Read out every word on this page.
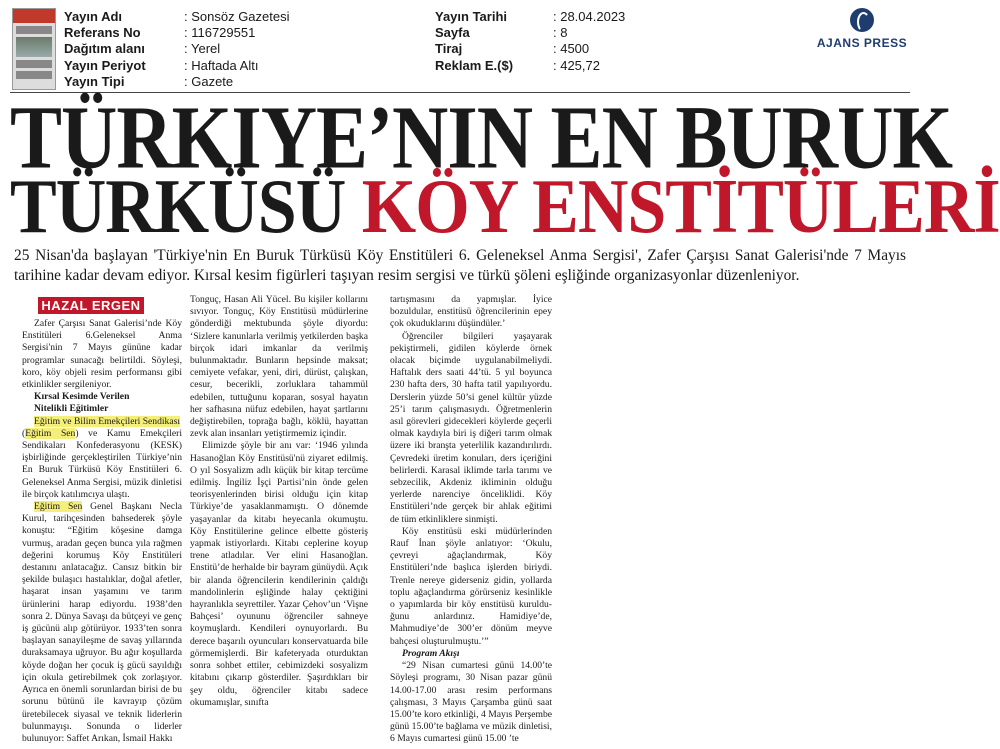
Yayın Adı	: Sonsöz Gazetesi
Referans No	: 116729551
Dağıtım alanı	: Yerel
Yayın Periyot	: Haftada Altı
Yayın Tipi	: Gazete
Yayın Tarihi	: 28.04.2023
Sayfa	: 8
Tiraj	: 4500
Reklam E.($)	: 425,72
AJANS PRESS
TÜRKIYE’NIN EN BURUK
TÜRKÜSÜ KÖY ENSTİTÜLERİ
25 Nisan'da başlayan 'Türkiye'nin En Buruk Türküsü Köy Enstitüleri 6. Geleneksel Anma Sergisi', Zafer Çarşısı Sanat Galerisi'nde 7 Mayıs tarihine kadar devam ediyor. Kırsal kesim figürleri taşıyan resim sergisi ve türkü şöleni eşliğinde organizasyonlar düzenleniyor.
HAZAL ERGEN

Zafer Çarşısı Sanat Galerisi’nde Köy Enstitüleri 6.Geleneksel Anma Sergisi'nin 7 Mayıs gününe kadar programlar sunacağı belirtildi. Söyleşi, koro, köy objeli resim performansı gibi etkinlikler sergileniyor.

Kırsal Kesimde Verilen

Nitelikli Eğitimler

Eğitim ve Bilim Emekçileri Sendikası

(Eğitim Sen) ve Kamu Emekçileri Sendikaları Konfederasyonu (KESK) işbirliğinde gerçekleştirilen Türkiye’nin En Buruk Türküsü Köy Enstitüleri 6. Geleneksel Anma Sergisi, müzik dinletisi ile birçok katılımcıya ulaştı.

Eğitim Sen Genel Başkanı Necla Kurul, tarihçesinden bahsederek şöyle konuştu: “Eğitim köşesine damga vurmuş, aradan geçen bunca yıla rağmen değerini korumuş Köy Enstitüleri destanını anlatacağız. Cansız bitkin bir şekilde bulaşıcı hastalıklar, doğal afetler, haşarat insan yaşamını ve tarım ürünlerini harap ediyordu. 1938’den sonra 2. Dünya Savaşı da bütçeyi ve genç iş gücünü alıp götürüyor. 1933’ten sonra başlayan sanayileşme de savaş yıllarında duraksamaya uğruyor. Bu ağır koşullarda köyde doğan her çocuk iş gücü sayıldığı için okula getirebilmek çok zorlaşıyor. Ayrıca en önemli sorunlardan birisi de bu sorunu bütünü ile kavrayıp çözüm üretebilecek siyasal ve teknik liderlerin bulunmayışı. Sonunda o liderler bulunuyor: Saffet Arıkan, İsmail Hakkı

Tonguç, Hasan Ali Yücel. Bu kişiler kollarını sıvıyor. Tonguç, Köy Enstitüsü müdürlerine gönderdiği mektubunda şöyle diyordu: ‘Sizlere kanunlarla verilmiş yetkilerden başka birçok idari imkanlar da verilmiş bulunmaktadır. Bunların hepsinde maksat; cemiyete vefakar, yeni, diri, dürüst, çalışkan, cesur, becerikli, zorluklara tahammül edebilen, tuttuğunu koparan, sosyal hayatın her safhasına nüfuz edebilen, hayat şartlarını değiştirebilen, toprağa bağlı, köklü, hayattan zevk alan insanları yetiştirmemiz içindir.

Elimizde şöyle bir anı var: ‘1946 yılında Hasanoğlan Köy Enstitüsü'nü ziyaret edilmiş. O yıl Sosyalizm adlı küçük bir kitap tercüme edilmiş. İngiliz İşçi Partisi’nin önde gelen teorisyenlerinden birisi olduğu için kitap Türkiye’de yasaklanmamıştı. O dönemde yaşayanlar da kitabı heyecanla okumuştu. Köy Enstitülerine gelince elbette gösteriş yapmak istiyorlardı. Kitabı ceplerine koyup trene atladılar. Ver elini Hasanoğlan. Enstitü’de herhalde bir bayram günüydü. Açık bir alanda öğrencilerin kendilerinin çaldığı mandolinlerin eşliğinde halay çektiğini hayranlıkla seyrettiler. Yazar Çehov’un ‘Vişne Bahçesi’ oyununu öğrenciler sahneye koymuşlardı. Kendileri oynuyorlardı. Bu derece başarılı oyuncuları konservatuarda bile görmemişlerdi. Bir kafeteryada oturduktan sonra sohbet ettiler, cebimizdeki sosyalizm kitabını çıkarıp gösterdiler. Şaşırdıkları bir şey oldu, öğrenciler kitabı sadece okumamışlar, sınıfta

tartışmasını da yapmışlar. İyice bozuldular, enstitüsü öğrencilerinin epey çok okuduklarını düşündüler.’

Öğrenciler bilgileri yaşayarak pekiştirmeli, gidilen köylerde örnek olacak biçimde uygulanabilmeliydi. Haftalık ders saati 44’tü. 5 yıl boyunca 230 hafta ders, 30 hafta tatil yapılıyordu. Derslerin yüzde 50’si genel kültür yüzde 25’i tarım çalışmasıydı. Öğretmenlerin asıl görevleri gidecekleri köylerde geçerli olmak kaydıyla biri iş diğeri tarım olmak üzere iki branşta yeterlilik kazandırılırdı. Çevredeki üretim konuları, ders içeriğini belirlerdi. Karasal iklimde tarla tarımı ve sebzecilik, Akdeniz ikliminin olduğu yerlerde narenciye önceliklidi. Köy Enstitüleri’nde gerçek bir ahlak eğitimi de tüm etkinliklere sinmişti.

Köy enstitüsü eski müdürlerinden Rauf İnan şöyle anlatıyor: ‘Okulu, çevreyi ağaçlandırmak, Köy Enstitüleri’nde başlıca işlerden biriydi. Trenle nereye giderseniz gidin, yollarda toplu ağaçlandırma görürseniz kesinlikle o yapımlarda bir köy enstitüsü kurulduğunu anlardınız. Hamidiye’de, Mahmudiye’de 300’er dönüm meyve bahçesi oluşturulmuştu.’”

Program Akışı

“29 Nisan cumartesi günü 14.00’te Söyleşi programı, 30 Nisan pazar günü 14.00-17.00 arası resim performans çalışması, 3 Mayıs Çarşamba günü saat 15.00’te koro etkinliği, 4 Mayıs Perşembe günü 15.00’te bağlama ve müzik dinletisi, 6 Mayıs cumartesi günü 15.00 ’te
